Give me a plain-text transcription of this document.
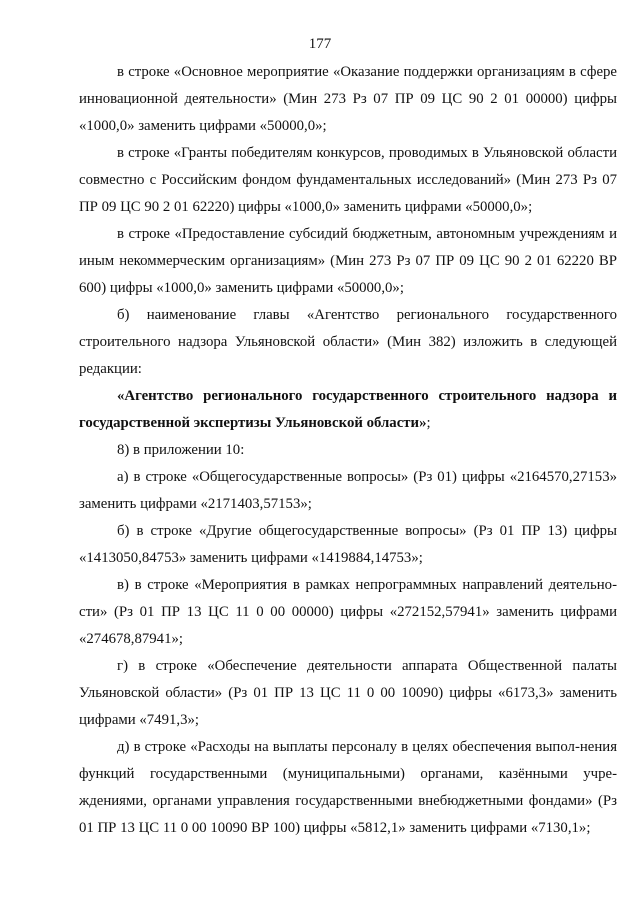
177

в строке «Основное мероприятие «Оказание поддержки организациям в сфере инновационной деятельности» (Мин 273 Рз 07 ПР 09 ЦС 90 2 01 00000) цифры «1000,0» заменить цифрами «50000,0»;

в строке «Гранты победителям конкурсов, проводимых в Ульяновской области совместно с Российским фондом фундаментальных исследований» (Мин 273 Рз 07 ПР 09 ЦС 90 2 01 62220) цифры «1000,0» заменить цифрами «50000,0»;

в строке «Предоставление субсидий бюджетным, автономным учреждениям и иным некоммерческим организациям» (Мин 273 Рз 07 ПР 09 ЦС 90 2 01 62220 ВР 600) цифры «1000,0» заменить цифрами «50000,0»;

б) наименование главы «Агентство регионального государственного строительного надзора Ульяновской области» (Мин 382) изложить в следующей редакции:

«Агентство регионального государственного строительного надзора и государственной экспертизы Ульяновской области»;

8) в приложении 10:

а) в строке «Общегосударственные вопросы» (Рз 01) цифры «2164570,27153» заменить цифрами «2171403,57153»;

б) в строке «Другие общегосударственные вопросы» (Рз 01 ПР 13) цифры «1413050,84753» заменить цифрами «1419884,14753»;

в) в строке «Мероприятия в рамках непрограммных направлений деятельно-сти» (Рз 01 ПР 13 ЦС 11 0 00 00000) цифры «272152,57941» заменить цифрами «274678,87941»;

г) в строке «Обеспечение деятельности аппарата Общественной палаты Ульяновской области» (Рз 01 ПР 13 ЦС 11 0 00 10090) цифры «6173,3» заменить цифрами «7491,3»;

д) в строке «Расходы на выплаты персоналу в целях обеспечения выпол-нения функций государственными (муниципальными) органами, казёнными учре-ждениями, органами управления государственными внебюджетными фондами» (Рз 01 ПР 13 ЦС 11 0 00 10090 ВР 100) цифры «5812,1» заменить цифрами «7130,1»;
